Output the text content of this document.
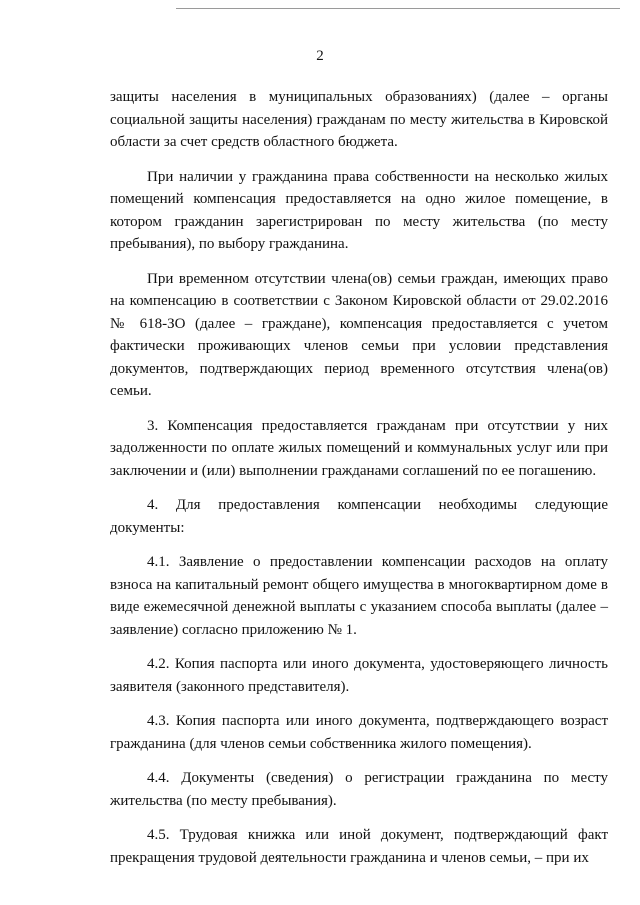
2

защиты населения в муниципальных образованиях) (далее – органы социальной защиты населения) гражданам по месту жительства в Кировской области за счет средств областного бюджета.

При наличии у гражданина права собственности на несколько жилых помещений компенсация предоставляется на одно жилое помещение, в котором гражданин зарегистрирован по месту жительства (по месту пребывания), по выбору гражданина.

При временном отсутствии члена(ов) семьи граждан, имеющих право на компенсацию в соответствии с Законом Кировской области от 29.02.2016 № 618-ЗО (далее – граждане), компенсация предоставляется с учетом фактически проживающих членов семьи при условии представления документов, подтверждающих период временного отсутствия члена(ов) семьи.

3. Компенсация предоставляется гражданам при отсутствии у них задолженности по оплате жилых помещений и коммунальных услуг или при заключении и (или) выполнении гражданами соглашений по ее погашению.

4. Для предоставления компенсации необходимы следующие документы:

4.1. Заявление о предоставлении компенсации расходов на оплату взноса на капитальный ремонт общего имущества в многоквартирном доме в виде ежемесячной денежной выплаты с указанием способа выплаты (далее – заявление) согласно приложению № 1.

4.2. Копия паспорта или иного документа, удостоверяющего личность заявителя (законного представителя).

4.3. Копия паспорта или иного документа, подтверждающего возраст гражданина (для членов семьи собственника жилого помещения).

4.4. Документы (сведения) о регистрации гражданина по месту жительства (по месту пребывания).

4.5. Трудовая книжка или иной документ, подтверждающий факт прекращения трудовой деятельности гражданина и членов семьи, – при их
